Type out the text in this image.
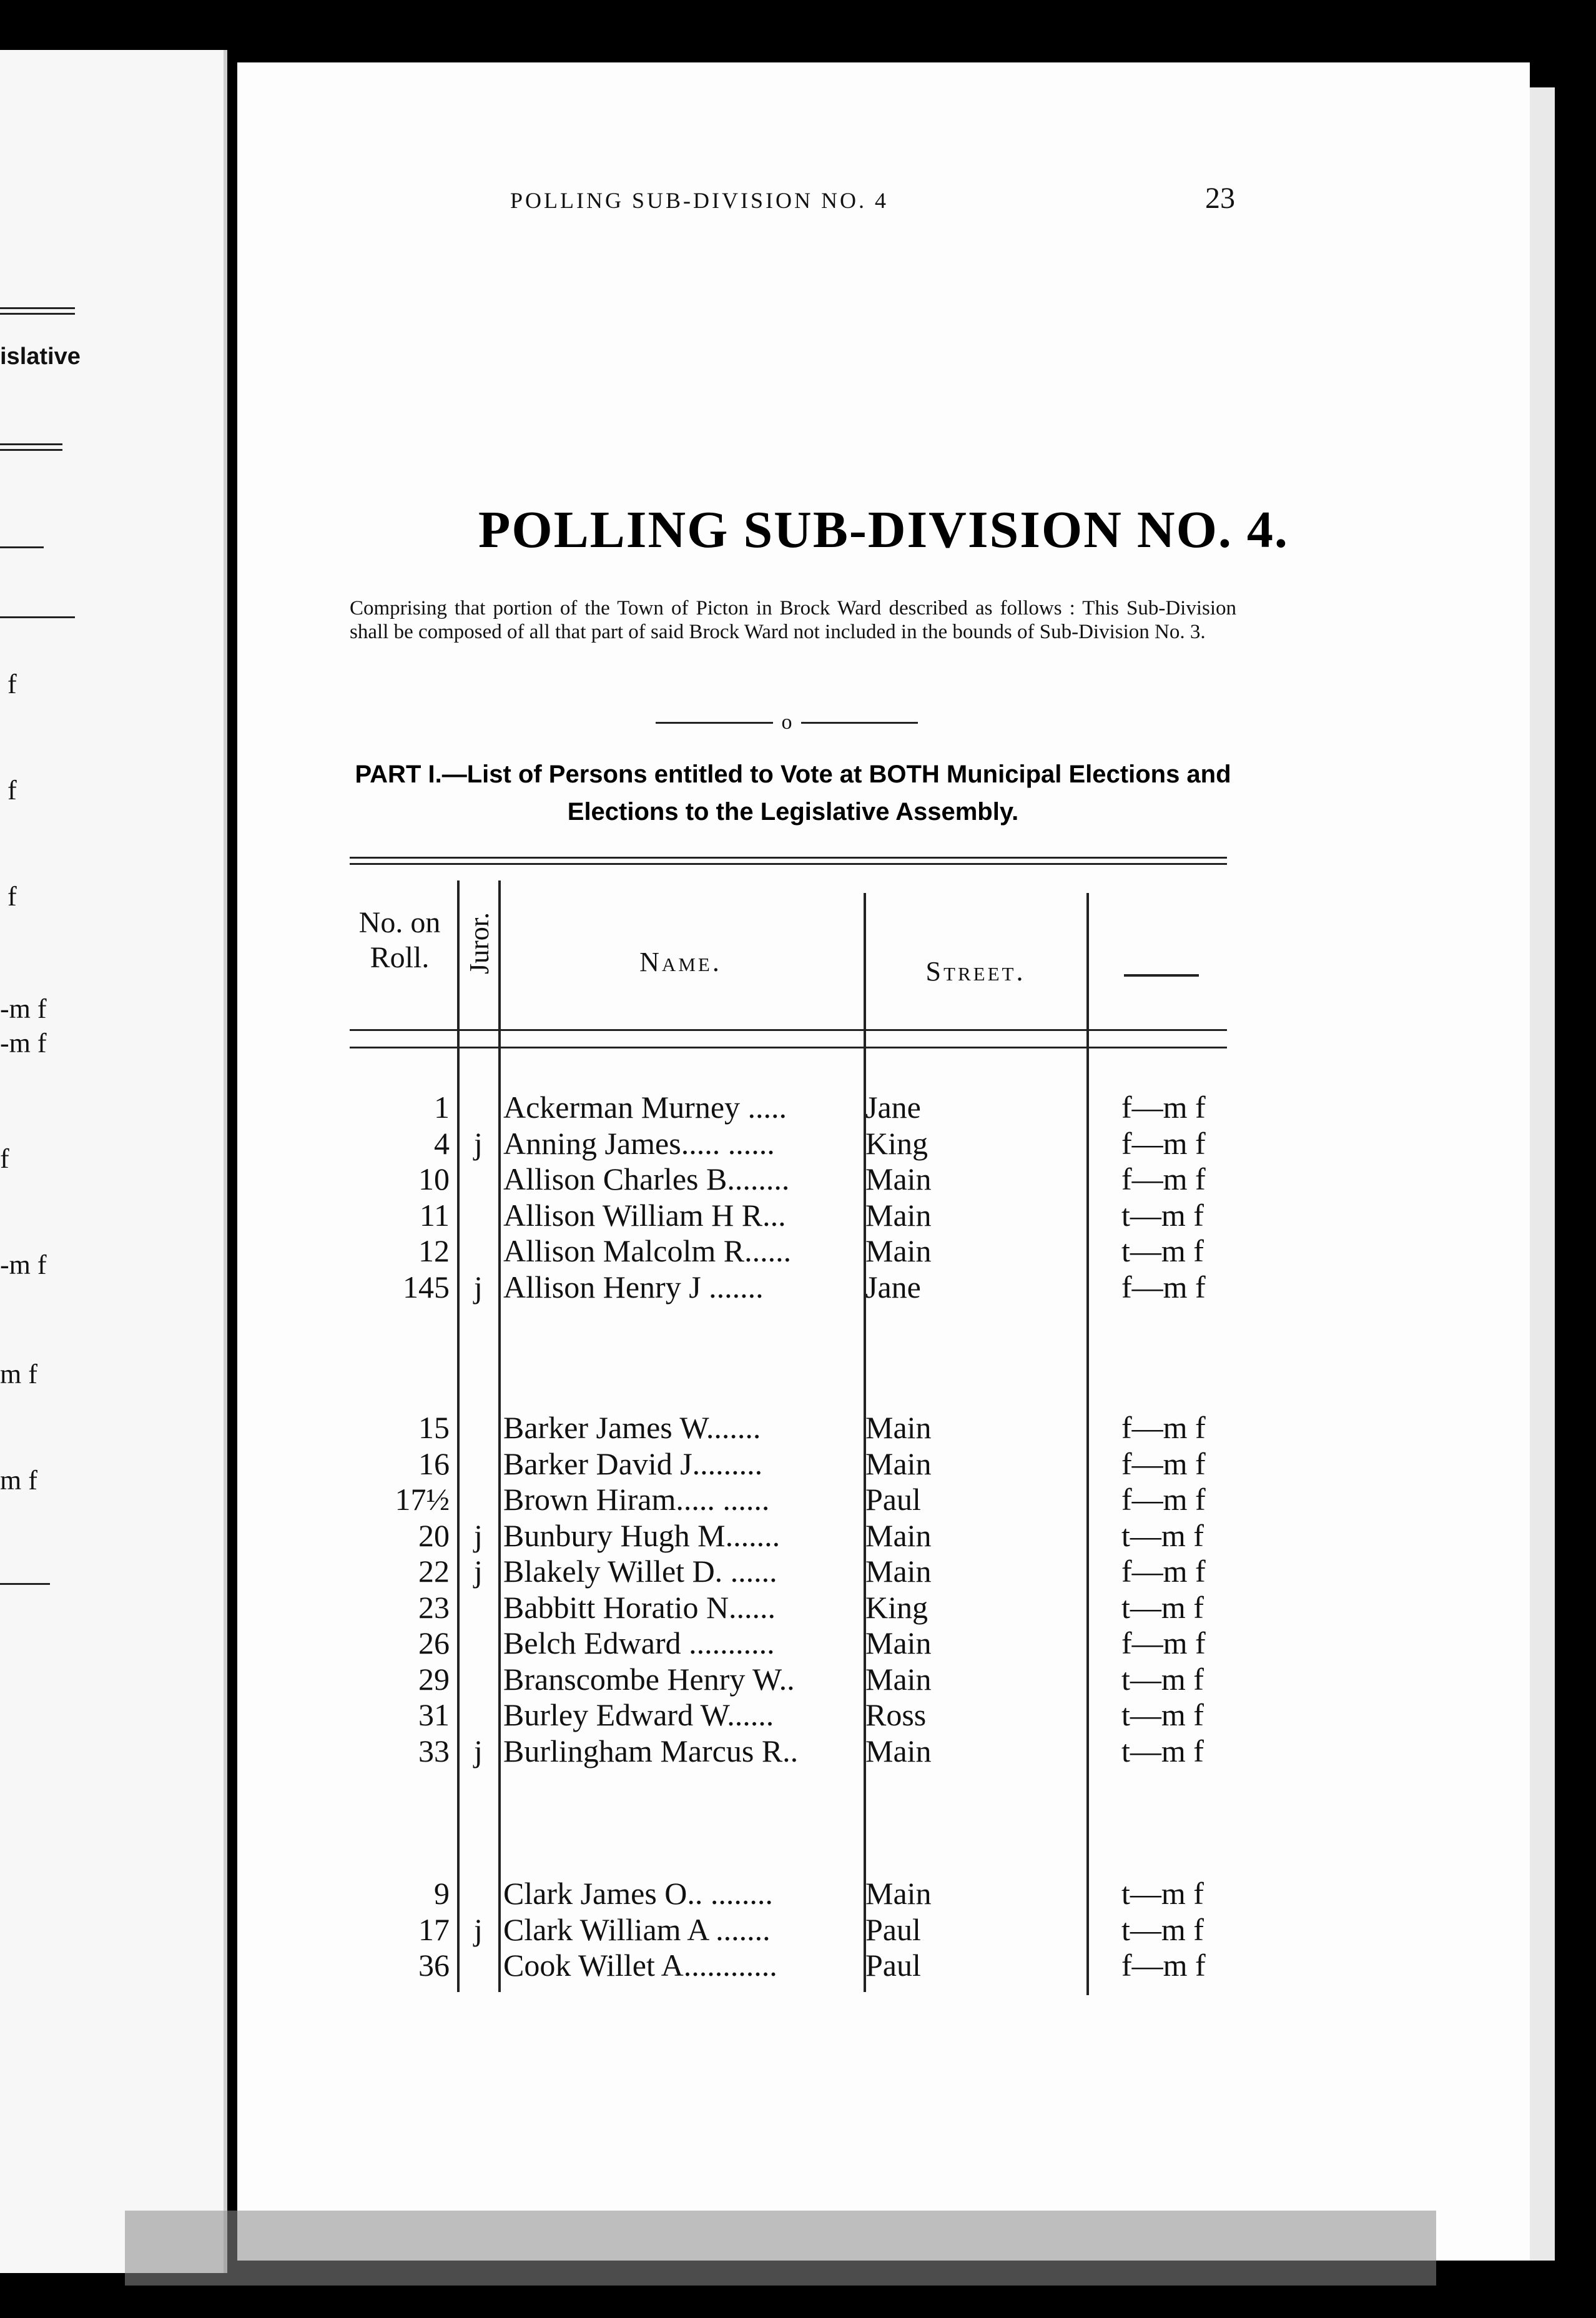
islative
f
f
f
-m f
-m f
f
-m f
m f
m f
POLLING SUB-DIVISION NO. 4	23
POLLING SUB-DIVISION NO. 4.
Comprising that portion of the Town of Picton in Brock Ward described as follows : This Sub-Division shall be composed of all that part of said Brock Ward not included in the bounds of Sub-Division No. 3.
o
PART I.—List of Persons entitled to Vote at BOTH Municipal Elections and
Elections to the Legislative Assembly.
No. on Roll.	Juror.	Name.	Street.
1		Ackerman Murney .....	Jane	f—m f
4	j	Anning James..... ......	King	f—m f
10		Allison Charles B........	Main	f—m f
11		Allison William H R...	Main	t—m f
12		Allison Malcolm R......	Main	t—m f
145	j	Allison Henry J .......	Jane	f—m f
15		Barker James W.......	Main	f—m f
16		Barker David J.........	Main	f—m f
17½		Brown Hiram..... ......	Paul	f—m f
20	j	Bunbury Hugh M.......	Main	t—m f
22	j	Blakely Willet D. ......	Main	f—m f
23		Babbitt Horatio N......	King	t—m f
26		Belch Edward ...........	Main	f—m f
29		Branscombe Henry W..	Main	t—m f
31		Burley Edward W......	Ross	t—m f
33	j	Burlingham Marcus R..	Main	t—m f
9		Clark James O.. ........	Main	t—m f
17	j	Clark William A .......	Paul	t—m f
36		Cook Willet A............	Paul	f—m f
